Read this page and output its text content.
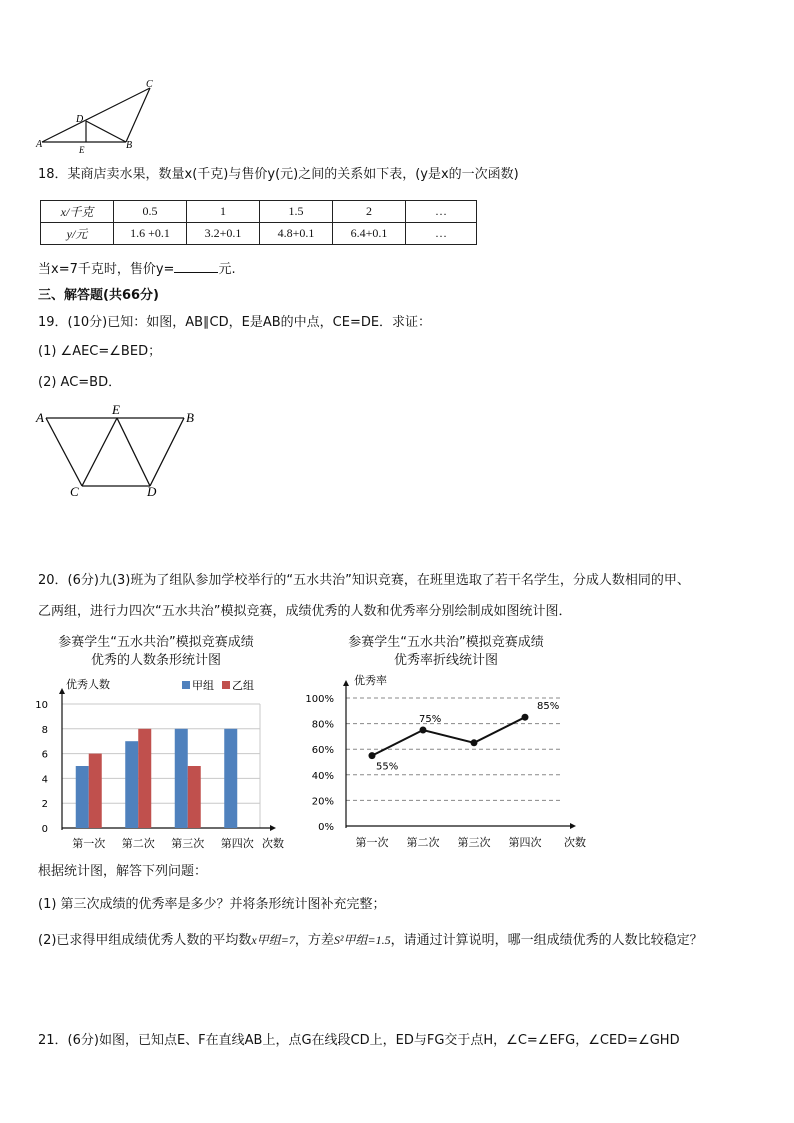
C
D
A	E	B
18．某商店卖水果，数量x(千克)与售价y(元)之间的关系如下表，(y是x的一次函数)
x/千克	0.5	1	1.5	2	…
y/元	1.6 +0.1	3.2+0.1	4.8+0.1	6.4+0.1	…
当x=7千克时，售价y=	元.
三、解答题(共66分)
19．(10分)已知：如图，AB∥CD，E是AB的中点，CE=DE．求证：
(1) ∠AEC=∠BED；
(2) AC=BD．
A
E
B
C	D
20．(6分)九(3)班为了组队参加学校举行的“五水共治”知识竞赛，在班里选取了若干名学生，分成人数相同的甲、
乙两组，进行力四次“五水共治”模拟竞赛，成绩优秀的人数和优秀率分别绘制成如图统计图．
参赛学生“五水共治”模拟竞赛成绩
优秀的人数条形统计图
0
2
4
6
8
10
优秀人数
次数
甲组 乙组
第一次 第二次 第三次 第四次
参赛学生“五水共治”模拟竞赛成绩
优秀率折线统计图
0%
20%
40%
60%
80%
100%
优秀率
次数
第一次 第二次 第三次 第四次
55%
75%
85%
根据统计图，解答下列问题：
(1) 第三次成绩的优秀率是多少？并将条形统计图补充完整；
(2)已求得甲组成绩优秀人数的平均数x甲组=7，方差S²甲组=1.5，请通过计算说明，哪一组成绩优秀的人数比较稳定？
21．(6分)如图，已知点E、F在直线AB上，点G在线段CD上，ED与FG交于点H，∠C=∠EFG，∠CED=∠GHD
